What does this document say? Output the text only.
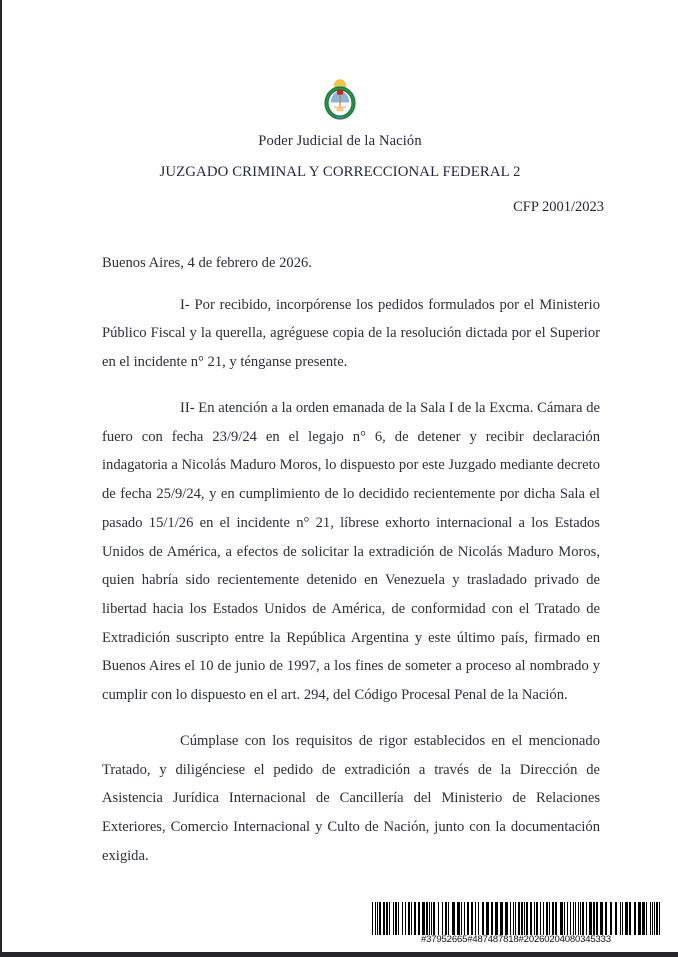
Poder Judicial de la Nación
JUZGADO CRIMINAL Y CORRECCIONAL FEDERAL 2
CFP 2001/2023
Buenos Aires, 4 de febrero de 2026.

I- Por recibido, incorpórense los pedidos formulados por el Ministerio Público Fiscal y la querella, agréguese copia de la resolución dictada por el Superior en el incidente n° 21, y ténganse presente.

II- En atención a la orden emanada de la Sala I de la Excma. Cámara de fuero con fecha 23/9/24 en el legajo n° 6, de detener y recibir declaración indagatoria a Nicolás Maduro Moros, lo dispuesto por este Juzgado mediante decreto de fecha 25/9/24, y en cumplimiento de lo decidido recientemente por dicha Sala el pasado 15/1/26 en el incidente n° 21, líbrese exhorto internacional a los Estados Unidos de América, a efectos de solicitar la extradición de Nicolás Maduro Moros, quien habría sido recientemente detenido en Venezuela y trasladado privado de libertad hacia los Estados Unidos de América, de conformidad con el Tratado de Extradición suscripto entre la República Argentina y este último país, firmado en Buenos Aires el 10 de junio de 1997, a los fines de someter a proceso al nombrado y cumplir con lo dispuesto en el art. 294, del Código Procesal Penal de la Nación.

Cúmplase con los requisitos de rigor establecidos en el mencionado Tratado, y diligénciese el pedido de extradición a través de la Dirección de Asistencia Jurídica Internacional de Cancillería del Ministerio de Relaciones Exteriores, Comercio Internacional y Culto de Nación, junto con la documentación exigida.

#37952665#487487818#20260204080345333
